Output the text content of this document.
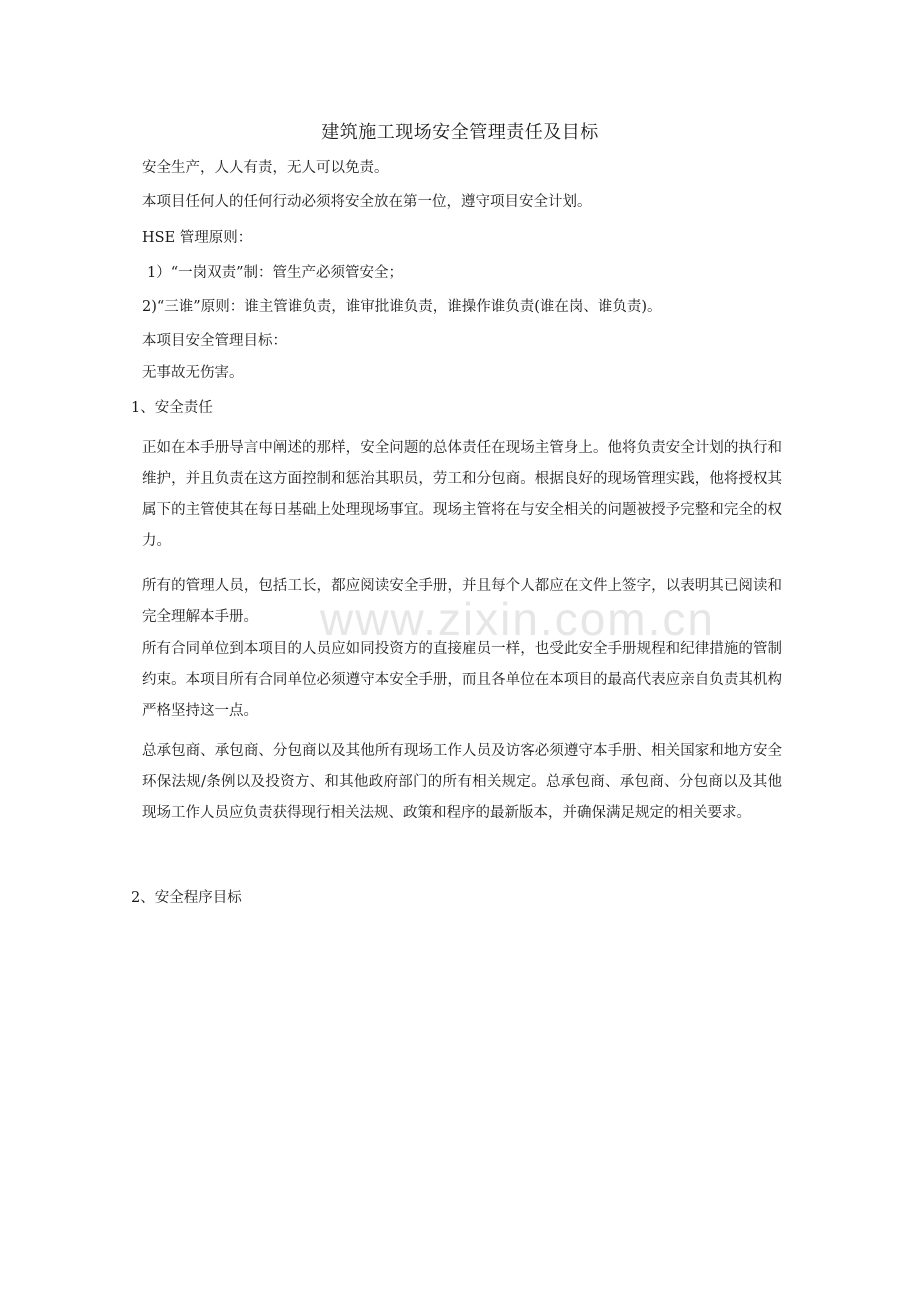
www.zixin.com.cn
建筑施工现场安全管理责任及目标
安全生产，人人有责，无人可以免责。
本项目任何人的任何行动必须将安全放在第一位，遵守项目安全计划。
HSE 管理原则：
1）“一岗双责”制：管生产必须管安全；
2)“三谁”原则：谁主管谁负责，谁审批谁负责，谁操作谁负责(谁在岗、谁负责)。
本项目安全管理目标：
无事故无伤害。
1、安全责任
正如在本手册导言中阐述的那样，安全问题的总体责任在现场主管身上。他将负责安全计划的执行和维护，并且负责在这方面控制和惩治其职员，劳工和分包商。根据良好的现场管理实践，他将授权其属下的主管使其在每日基础上处理现场事宜。现场主管将在与安全相关的问题被授予完整和完全的权力。
所有的管理人员，包括工长，都应阅读安全手册，并且每个人都应在文件上签字，以表明其已阅读和完全理解本手册。
所有合同单位到本项目的人员应如同投资方的直接雇员一样，也受此安全手册规程和纪律措施的管制约束。本项目所有合同单位必须遵守本安全手册，而且各单位在本项目的最高代表应亲自负责其机构严格坚持这一点。
总承包商、承包商、分包商以及其他所有现场工作人员及访客必须遵守本手册、相关国家和地方安全环保法规/条例以及投资方、和其他政府部门的所有相关规定。总承包商、承包商、分包商以及其他现场工作人员应负责获得现行相关法规、政策和程序的最新版本，并确保满足规定的相关要求。
2、安全程序目标
